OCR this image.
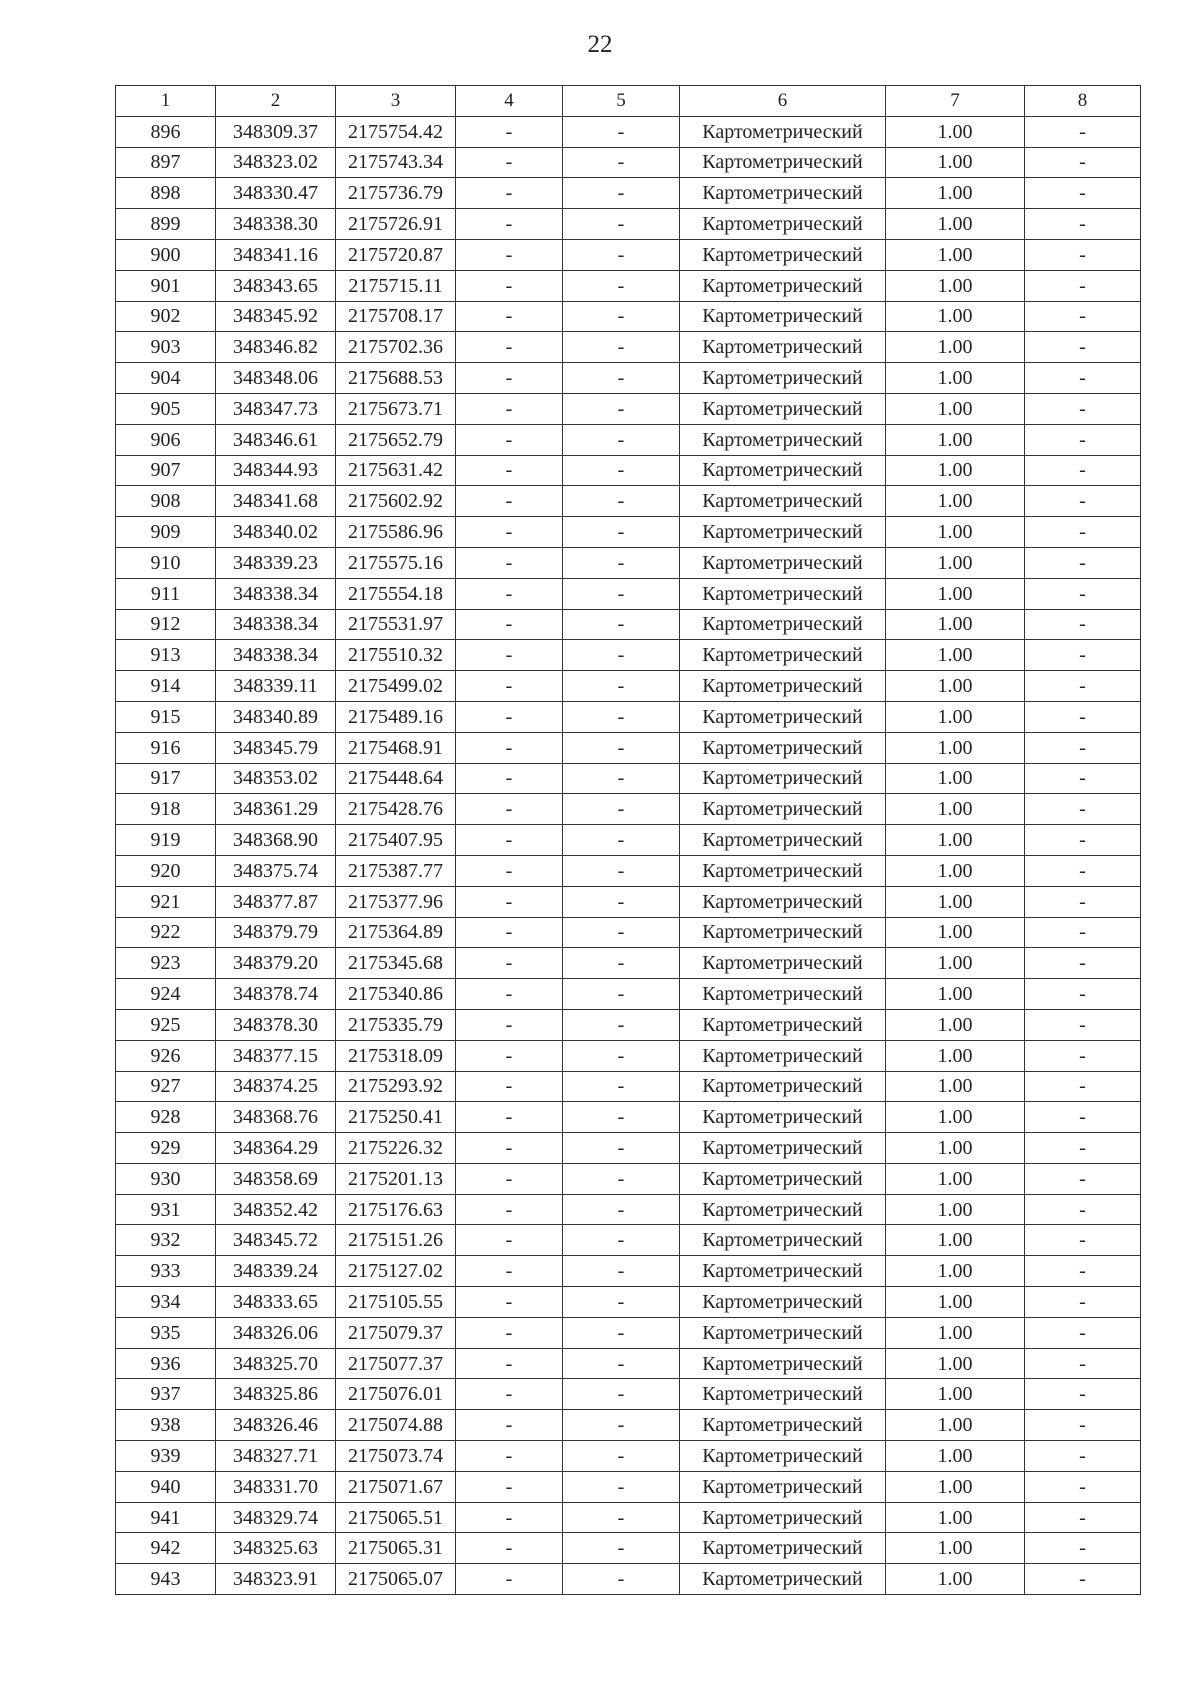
22
1	2	3	4	5	6	7	8
896	348309.37	2175754.42	-	-	Картометрический	1.00	-
897	348323.02	2175743.34	-	-	Картометрический	1.00	-
898	348330.47	2175736.79	-	-	Картометрический	1.00	-
899	348338.30	2175726.91	-	-	Картометрический	1.00	-
900	348341.16	2175720.87	-	-	Картометрический	1.00	-
901	348343.65	2175715.11	-	-	Картометрический	1.00	-
902	348345.92	2175708.17	-	-	Картометрический	1.00	-
903	348346.82	2175702.36	-	-	Картометрический	1.00	-
904	348348.06	2175688.53	-	-	Картометрический	1.00	-
905	348347.73	2175673.71	-	-	Картометрический	1.00	-
906	348346.61	2175652.79	-	-	Картометрический	1.00	-
907	348344.93	2175631.42	-	-	Картометрический	1.00	-
908	348341.68	2175602.92	-	-	Картометрический	1.00	-
909	348340.02	2175586.96	-	-	Картометрический	1.00	-
910	348339.23	2175575.16	-	-	Картометрический	1.00	-
911	348338.34	2175554.18	-	-	Картометрический	1.00	-
912	348338.34	2175531.97	-	-	Картометрический	1.00	-
913	348338.34	2175510.32	-	-	Картометрический	1.00	-
914	348339.11	2175499.02	-	-	Картометрический	1.00	-
915	348340.89	2175489.16	-	-	Картометрический	1.00	-
916	348345.79	2175468.91	-	-	Картометрический	1.00	-
917	348353.02	2175448.64	-	-	Картометрический	1.00	-
918	348361.29	2175428.76	-	-	Картометрический	1.00	-
919	348368.90	2175407.95	-	-	Картометрический	1.00	-
920	348375.74	2175387.77	-	-	Картометрический	1.00	-
921	348377.87	2175377.96	-	-	Картометрический	1.00	-
922	348379.79	2175364.89	-	-	Картометрический	1.00	-
923	348379.20	2175345.68	-	-	Картометрический	1.00	-
924	348378.74	2175340.86	-	-	Картометрический	1.00	-
925	348378.30	2175335.79	-	-	Картометрический	1.00	-
926	348377.15	2175318.09	-	-	Картометрический	1.00	-
927	348374.25	2175293.92	-	-	Картометрический	1.00	-
928	348368.76	2175250.41	-	-	Картометрический	1.00	-
929	348364.29	2175226.32	-	-	Картометрический	1.00	-
930	348358.69	2175201.13	-	-	Картометрический	1.00	-
931	348352.42	2175176.63	-	-	Картометрический	1.00	-
932	348345.72	2175151.26	-	-	Картометрический	1.00	-
933	348339.24	2175127.02	-	-	Картометрический	1.00	-
934	348333.65	2175105.55	-	-	Картометрический	1.00	-
935	348326.06	2175079.37	-	-	Картометрический	1.00	-
936	348325.70	2175077.37	-	-	Картометрический	1.00	-
937	348325.86	2175076.01	-	-	Картометрический	1.00	-
938	348326.46	2175074.88	-	-	Картометрический	1.00	-
939	348327.71	2175073.74	-	-	Картометрический	1.00	-
940	348331.70	2175071.67	-	-	Картометрический	1.00	-
941	348329.74	2175065.51	-	-	Картометрический	1.00	-
942	348325.63	2175065.31	-	-	Картометрический	1.00	-
943	348323.91	2175065.07	-	-	Картометрический	1.00	-
